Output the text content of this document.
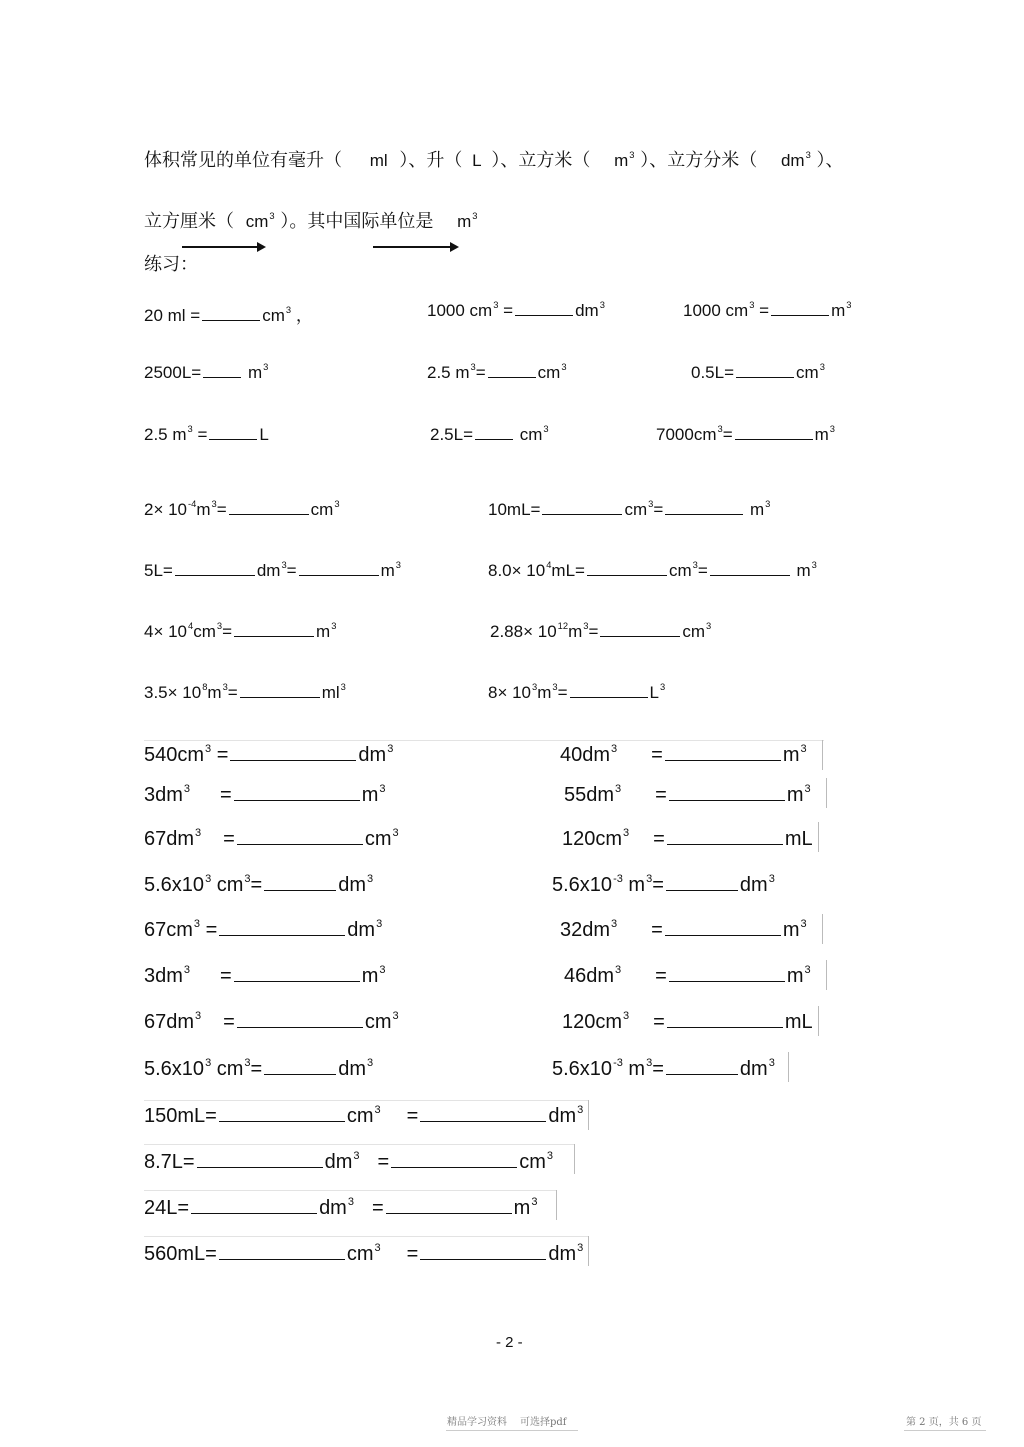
体积常见的单位有毫升（ ml ）、升（ L ）、立方米（ $m^3$ ）、立方分米（ $dm^3$ ）、
立方厘米（ $cm^3$ ）。其中国际单位是 $m^3$
练习：
20 ml =	$cm^3$ ，	1000 $cm^3$ =	$dm^3$	1000 $cm^3$ =	$m^3$
2500L=	$m^3$	2.5 $m^3=$	$cm^3$	0.5L=	$cm^3$
2.5 $m^3$ =	L	2.5L=	$cm^3$	$7000cm^3=$	$m^3$
$2\times 10^{-4}m^3=$	$cm^3$	10mL=	$cm^3=$	$m^3$
5L=	$dm^3=$	$m^3$	$8.0\times 10^4mL=$	$cm^3=$	$m^3$
$4\times 10^4cm^3=$	$m^3$	$2.88\times 10^{12}m^3=$	$cm^3$
$3.5\times 10^8m^3=$	$ml^3$	$8\times 10^3m^3=$	$L^3$
$540cm^3$ =	$dm^3$	$40dm^3$ =	$m^3$
$3dm^3$ =	$m^3$	$55dm^3$ =	$m^3$
$67dm^3$ =	$cm^3$	$120cm^3$ =	mL
$5.6x10^3$ $cm^3=$	$dm^3$	$5.6x10^{-3}$ $m^3=$	$dm^3$
$67cm^3$ =	$dm^3$	$32dm^3$ =	$m^3$
$3dm^3$ =	$m^3$	$46dm^3$ =	$m^3$
$67dm^3$ =	$cm^3$	$120cm^3$ =	mL
$5.6x10^3$ $cm^3=$	$dm^3$	$5.6x10^{-3}$ $m^3=$	$dm^3$
150mL=	$cm^3$ =	$dm^3$
8.7L=	$dm^3$ =	$cm^3$
24L=	$dm^3$ =	$m^3$
560mL=	$cm^3$ =	$dm^3$
- 2 -
精品学习资料 可选择pdf	第 2 页，共 6 页
